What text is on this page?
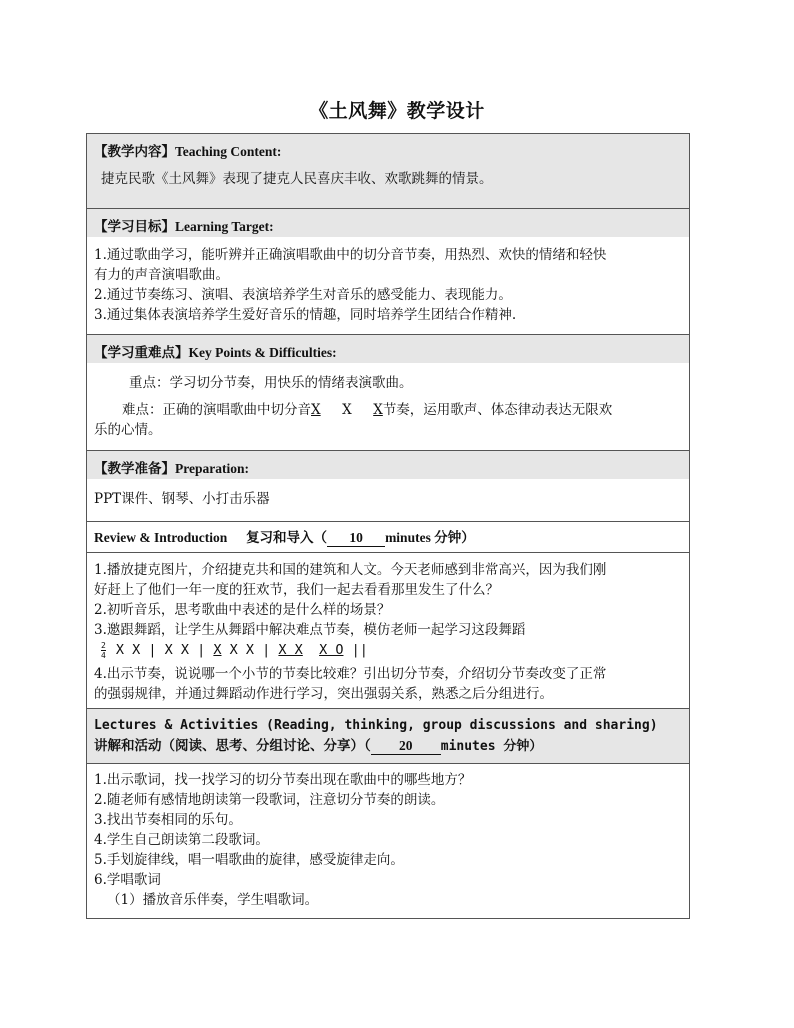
《土风舞》教学设计
【教学内容】Teaching Content:
捷克民歌《土风舞》表现了捷克人民喜庆丰收、欢歌跳舞的情景。

【学习目标】Learning Target:
1.通过歌曲学习，能听辨并正确演唱歌曲中的切分音节奏，用热烈、欢快的情绪和轻快
有力的声音演唱歌曲。
2.通过节奏练习、演唱、表演培养学生对音乐的感受能力、表现能力。
3.通过集体表演培养学生爱好音乐的情趣，同时培养学生团结合作精神.

【学习重难点】Key Points & Difficulties:
重点：学习切分节奏，用快乐的情绪表演歌曲。
难点：正确的演唱歌曲中切分音X X X节奏，运用歌声、体态律动表达无限欢
乐的心情。

【教学准备】Preparation:
PPT课件、钢琴、小打击乐器

Review & Introduction 复习和导入（ 10 minutes 分钟）

1.播放捷克图片，介绍捷克共和国的建筑和人文。今天老师感到非常高兴，因为我们刚
好赶上了他们一年一度的狂欢节，我们一起去看看那里发生了什么？
2.初听音乐，思考歌曲中表述的是什么样的场景？
3.邀跟舞蹈，让学生从舞蹈中解决难点节奏，模仿老师一起学习这段舞蹈
$\frac{2}{4}$ X X | X X | X X X | X X X O ||
4.出示节奏，说说哪一个小节的节奏比较难？引出切分节奏，介绍切分节奏改变了正常
的强弱规律，并通过舞蹈动作进行学习，突出强弱关系，熟悉之后分组进行。

Lectures & Activities (Reading, thinking, group discussions and sharing)
讲解和活动（阅读、思考、分组讨论、分享）（ 20 minutes 分钟）

1.出示歌词，找一找学习的切分节奏出现在歌曲中的哪些地方？
2.随老师有感情地朗读第一段歌词，注意切分节奏的朗读。
3.找出节奏相同的乐句。
4.学生自己朗读第二段歌词。
5.手划旋律线，唱一唱歌曲的旋律，感受旋律走向。
6.学唱歌词
（1）播放音乐伴奏，学生唱歌词。
